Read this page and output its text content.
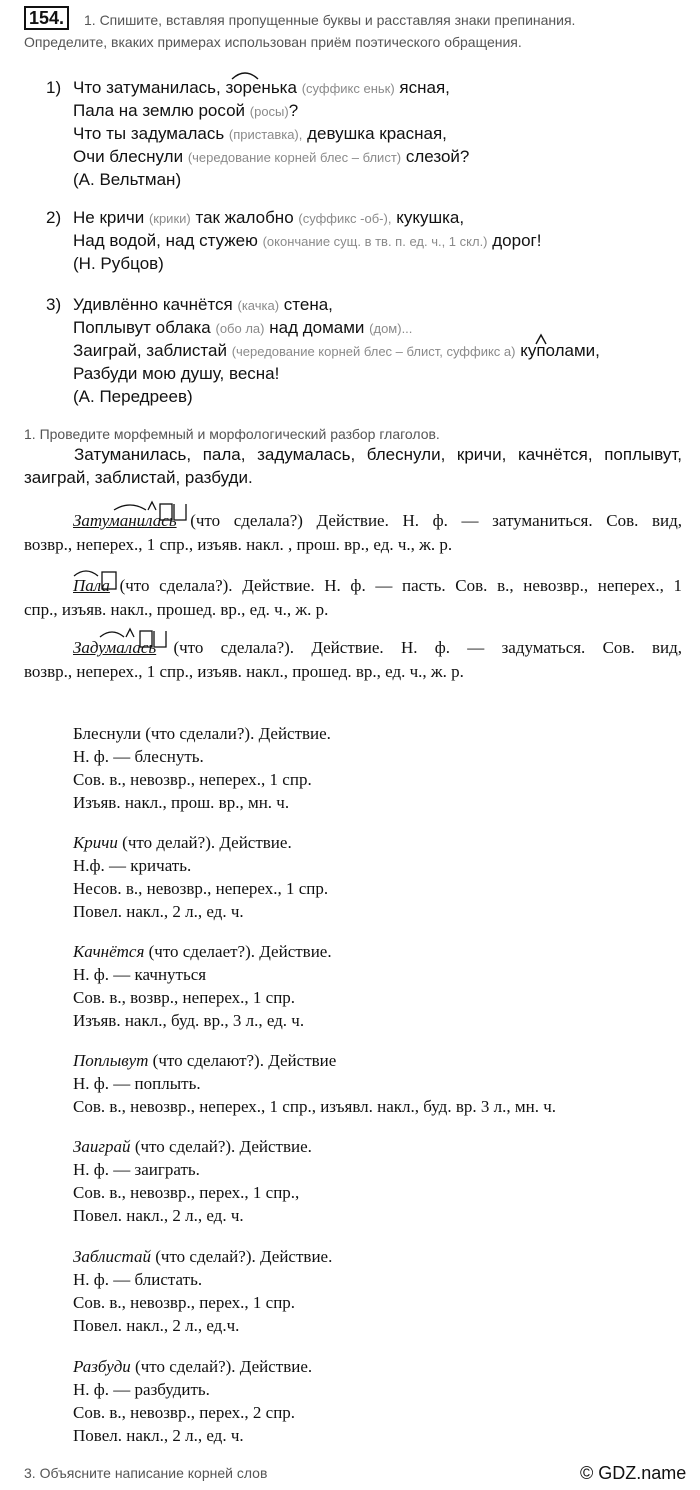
154.	1. Спишите, вставляя пропущенные буквы и расставляя знаки препинания.
Определите, вкаких примерах использован приём поэтического обращения.
1) Что затуманилась, зоренька (суффикс еньк) ясная,
Пала на землю росой (росы)?
Что ты задумалась (приставка), девушка красная,
Очи блеснули (чередование корней блес – блист) слезой?
(А. Вельтман)
2) Не кричи (крики) так жалобно (суффикс -об-), кукушка,
Над водой, над стужею (окончание сущ. в тв. п. ед. ч., 1 скл.) дорог!
(Н. Рубцов)
3) Удивлённо качнётся (качка) стена,
Поплывут облака (обо ла) над домами (дом)...
Заиграй, заблистай (чередование корней блес – блист, суффикс а) куполами,
Разбуди мою душу, весна!
(А. Передреев)
1. Проведите морфемный и морфологический разбор глаголов.
Затуманилась, пала, задумалась, блеснули, кричи, качнётся, поплывут,
заиграй, заблистай, разбуди.
Затуманилась (что сделала?) Действие. Н. ф. — затуманиться. Сов. вид,
возвр., неперех., 1 спр., изъяв. накл. , прош. вр., ед. ч., ж. р.
Пала (что сделала?). Действие. Н. ф. — пасть. Сов. в., невозвр., неперех., 1
спр., изъяв. накл., прошед. вр., ед. ч., ж. р.
Задумалась (что сделала?). Действие. Н. ф. — задуматься. Сов. вид,
возвр., неперех., 1 спр., изъяв. накл., прошед. вр., ед. ч., ж. р.
Блеснули (что сделали?). Действие.
Н. ф. — блеснуть.
Сов. в., невозвр., неперех., 1 спр.
Изъяв. накл., прош. вр., мн. ч.
Кричи (что делай?). Действие.
Н.ф. — кричать.
Несов. в., невозвр., неперех., 1 спр.
Повел. накл., 2 л., ед. ч.
Качнётся (что сделает?). Действие.
Н. ф. — качнуться
Сов. в., возвр., неперех., 1 спр.
Изъяв. накл., буд. вр., 3 л., ед. ч.
Поплывут (что сделают?). Действие
Н. ф. — поплыть.
Сов. в., невозвр., неперех., 1 спр., изъявл. накл., буд. вр. 3 л., мн. ч.
Заиграй (что сделай?). Действие.
Н. ф. — заиграть.
Сов. в., невозвр., перех., 1 спр.,
Повел. накл., 2 л., ед. ч.
Заблистай (что сделай?). Действие.
Н. ф. — блистать.
Сов. в., невозвр., перех., 1 спр.
Повел. накл., 2 л., ед.ч.
Разбуди (что сделай?). Действие.
Н. ф. — разбудить.
Сов. в., невозвр., перех., 2 спр.
Повел. накл., 2 л., ед. ч.
3. Объясните написание корней слов	© GDZ.name
